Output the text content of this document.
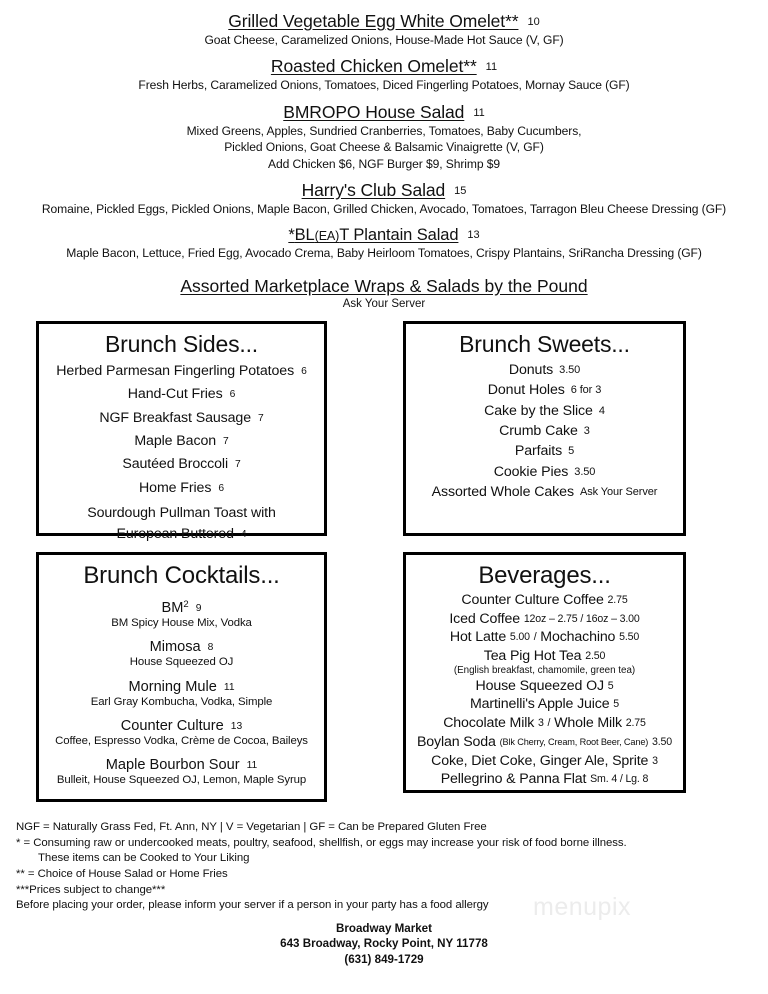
Grilled Vegetable Egg White Omelet** 10
Goat Cheese, Caramelized Onions, House-Made Hot Sauce (V, GF)
Roasted Chicken Omelet** 11
Fresh Herbs, Caramelized Onions, Tomatoes, Diced Fingerling Potatoes, Mornay Sauce (GF)
BMROPO House Salad 11
Mixed Greens, Apples, Sundried Cranberries, Tomatoes, Baby Cucumbers,
Pickled Onions, Goat Cheese & Balsamic Vinaigrette (V, GF)
Add Chicken $6, NGF Burger $9, Shrimp $9
Harry's Club Salad 15
Romaine, Pickled Eggs, Pickled Onions, Maple Bacon, Grilled Chicken, Avocado, Tomatoes, Tarragon Bleu Cheese Dressing (GF)
*BL(EA)T Plantain Salad 13
Maple Bacon, Lettuce, Fried Egg, Avocado Crema, Baby Heirloom Tomatoes, Crispy Plantains, SriRancha Dressing (GF)
Assorted Marketplace Wraps & Salads by the Pound
Ask Your Server
Brunch Sides...
Herbed Parmesan Fingerling Potatoes 6
Hand-Cut Fries 6
NGF Breakfast Sausage 7
Maple Bacon 7
Sautéed Broccoli 7
Home Fries 6
Sourdough Pullman Toast with
European Buttered 4
Brunch Sweets...
Donuts 3.50
Donut Holes 6 for 3
Cake by the Slice 4
Crumb Cake 3
Parfaits 5
Cookie Pies 3.50
Assorted Whole Cakes Ask Your Server
Brunch Cocktails...
$BM^2$ 9
BM Spicy House Mix, Vodka
Mimosa 8
House Squeezed OJ
Morning Mule 11
Earl Gray Kombucha, Vodka, Simple
Counter Culture 13
Coffee, Espresso Vodka, Crème de Cocoa, Baileys
Maple Bourbon Sour 11
Bulleit, House Squeezed OJ, Lemon, Maple Syrup
Beverages...
Counter Culture Coffee 2.75
Iced Coffee 12oz – 2.75 / 16oz – 3.00
Hot Latte 5.00 / Mochachino 5.50
Tea Pig Hot Tea 2.50
(English breakfast, chamomile, green tea)
House Squeezed OJ 5
Martinelli's Apple Juice 5
Chocolate Milk 3 / Whole Milk 2.75
Boylan Soda (Blk Cherry, Cream, Root Beer, Cane) 3.50
Coke, Diet Coke, Ginger Ale, Sprite 3
Pellegrino & Panna Flat Sm. 4 / Lg. 8
NGF = Naturally Grass Fed, Ft. Ann, NY | V = Vegetarian | GF = Can be Prepared Gluten Free
* = Consuming raw or undercooked meats, poultry, seafood, shellfish, or eggs may increase your risk of food borne illness.
These items can be Cooked to Your Liking
** = Choice of House Salad or Home Fries
***Prices subject to change***
Before placing your order, please inform your server if a person in your party has a food allergy
Broadway Market
643 Broadway, Rocky Point, NY 11778
(631) 849-1729
menupix
